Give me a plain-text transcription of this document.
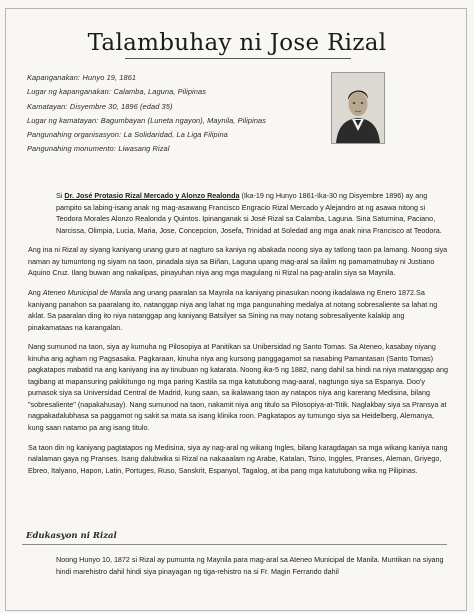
Talambuhay ni Jose Rizal
Kapanganakan: Hunyo 19, 1861
Lugar ng kapanganakan: Calamba, Laguna, Pilipinas
Kamatayan: Disyembre 30, 1896 (edad 35)
Lugar ng kamatayan: Bagumbayan (Luneta ngayon), Maynila, Pilipinas
Pangunahing organisasyon: La Solidaridad, La Liga Filipina
Pangunahing monumento: Liwasang Rizal

Si Dr. José Protasio Rizal Mercado y Alonzo Realonda (Ika-19 ng Hunyo 1861-Ika-30 ng Disyembre 1896) ay ang pampito sa labing-isang anak ng mag-asawang Francisco Engracio Rizal Mercado y Alejandro at ng asawa nitong si Teodora Morales Alonzo Realonda y Quintos. Ipinanganak si José Rizal sa Calamba, Laguna. Sina Saturnina, Paciano, Narcissa, Olimpia, Lucia, Maria, Jose, Concepcion, Josefa, Trinidad at Soledad ang mga anak nina Francisco at Teodora.

Ang ina ni Rizal ay siyang kaniyang unang guro at nagturo sa kaniya ng abakada noong siya ay tatlong taon pa lamang. Noong siya naman ay tumuntong ng siyam na taon, pinadala siya sa Biñan, Laguna upang mag-aral sa ilalim ng pamamatnubay ni Justiano Aquino Cruz. Ilang buwan ang nakalipas, pinayuhan niya ang mga magulang ni Rizal na pag-aralin siya sa Maynila.

Ang Ateneo Municipal de Manila ang unang paaralan sa Maynila na kaniyang pinasukan noong ikadalawa ng Enero 1872.Sa kaniyang panahon sa paaralang ito, natanggap niya ang lahat ng mga pangunahing medalya at notang sobresaliente sa lahat ng aklat. Sa paaralan ding ito niya natanggap ang kaniyang Batsilyer sa Sining na may notang sobresaliyente kalakip ang pinakamataas na karangalan.

Nang sumunod na taon, siya ay kumuha ng Pilosopiya at Panitikan sa Unibersidad ng Santo Tomas. Sa Ateneo, kasabay niyang kinuha ang agham ng Pagsasaka. Pagkaraan, kinuha niya ang kursong panggagamot sa nasabing Pamantasan (Santo Tomas) pagkatapos mabatid na ang kaniyang ina ay tinubuan ng katarata. Noong ika-5 ng 1882, nang dahil sa hindi na niya matanggap ang tagibang at mapansuring pakikitungo ng mga paring Kastila sa mga katutubong mag-aaral, nagtungo siya sa Espanya. Doo'y pumasok siya sa Universidad Central de Madrid, kung saan, sa ikalawang taon ay natapos niya ang karerang Medisina, bilang "sobresaliente" (napakahusay). Nang sumunod na taon, nakamit niya ang titulo sa Pilosopiya-at-Titik. Naglakbay siya sa Pransya at nagpakadalubhasa sa paggamot ng sakit sa mata sa isang klinika roon. Pagkatapos ay tumungo siya sa Heidelberg, Alemanya, kung saan natamo pa ang isang titulo.

Sa taon din ng kaniyang pagtatapos ng Medisina, siya ay nag-aral ng wikang Ingles, bilang karagdagan sa mga wikang kaniya nang nalalaman gaya ng Pranses. Isang dalubwika si Rizal na nakaaalam ng Arabe, Katalan, Tsino, Inggles, Pranses, Aleman, Griyego, Ebreo, Italyano, Hapon, Latin, Portuges, Ruso, Sanskrit, Espanyol, Tagalog, at iba pang mga katutubong wika ng Pilipinas.

Edukasyon ni Rizal

Noong Hunyo 10, 1872 si Rizal ay pumunta ng Maynila para mag-aral sa Ateneo Municipal de Manila. Muntikan na siyang hindi marehistro dahil hindi siya pinayagan ng tiga-rehistro na si Fr. Magin Ferrando dahil
